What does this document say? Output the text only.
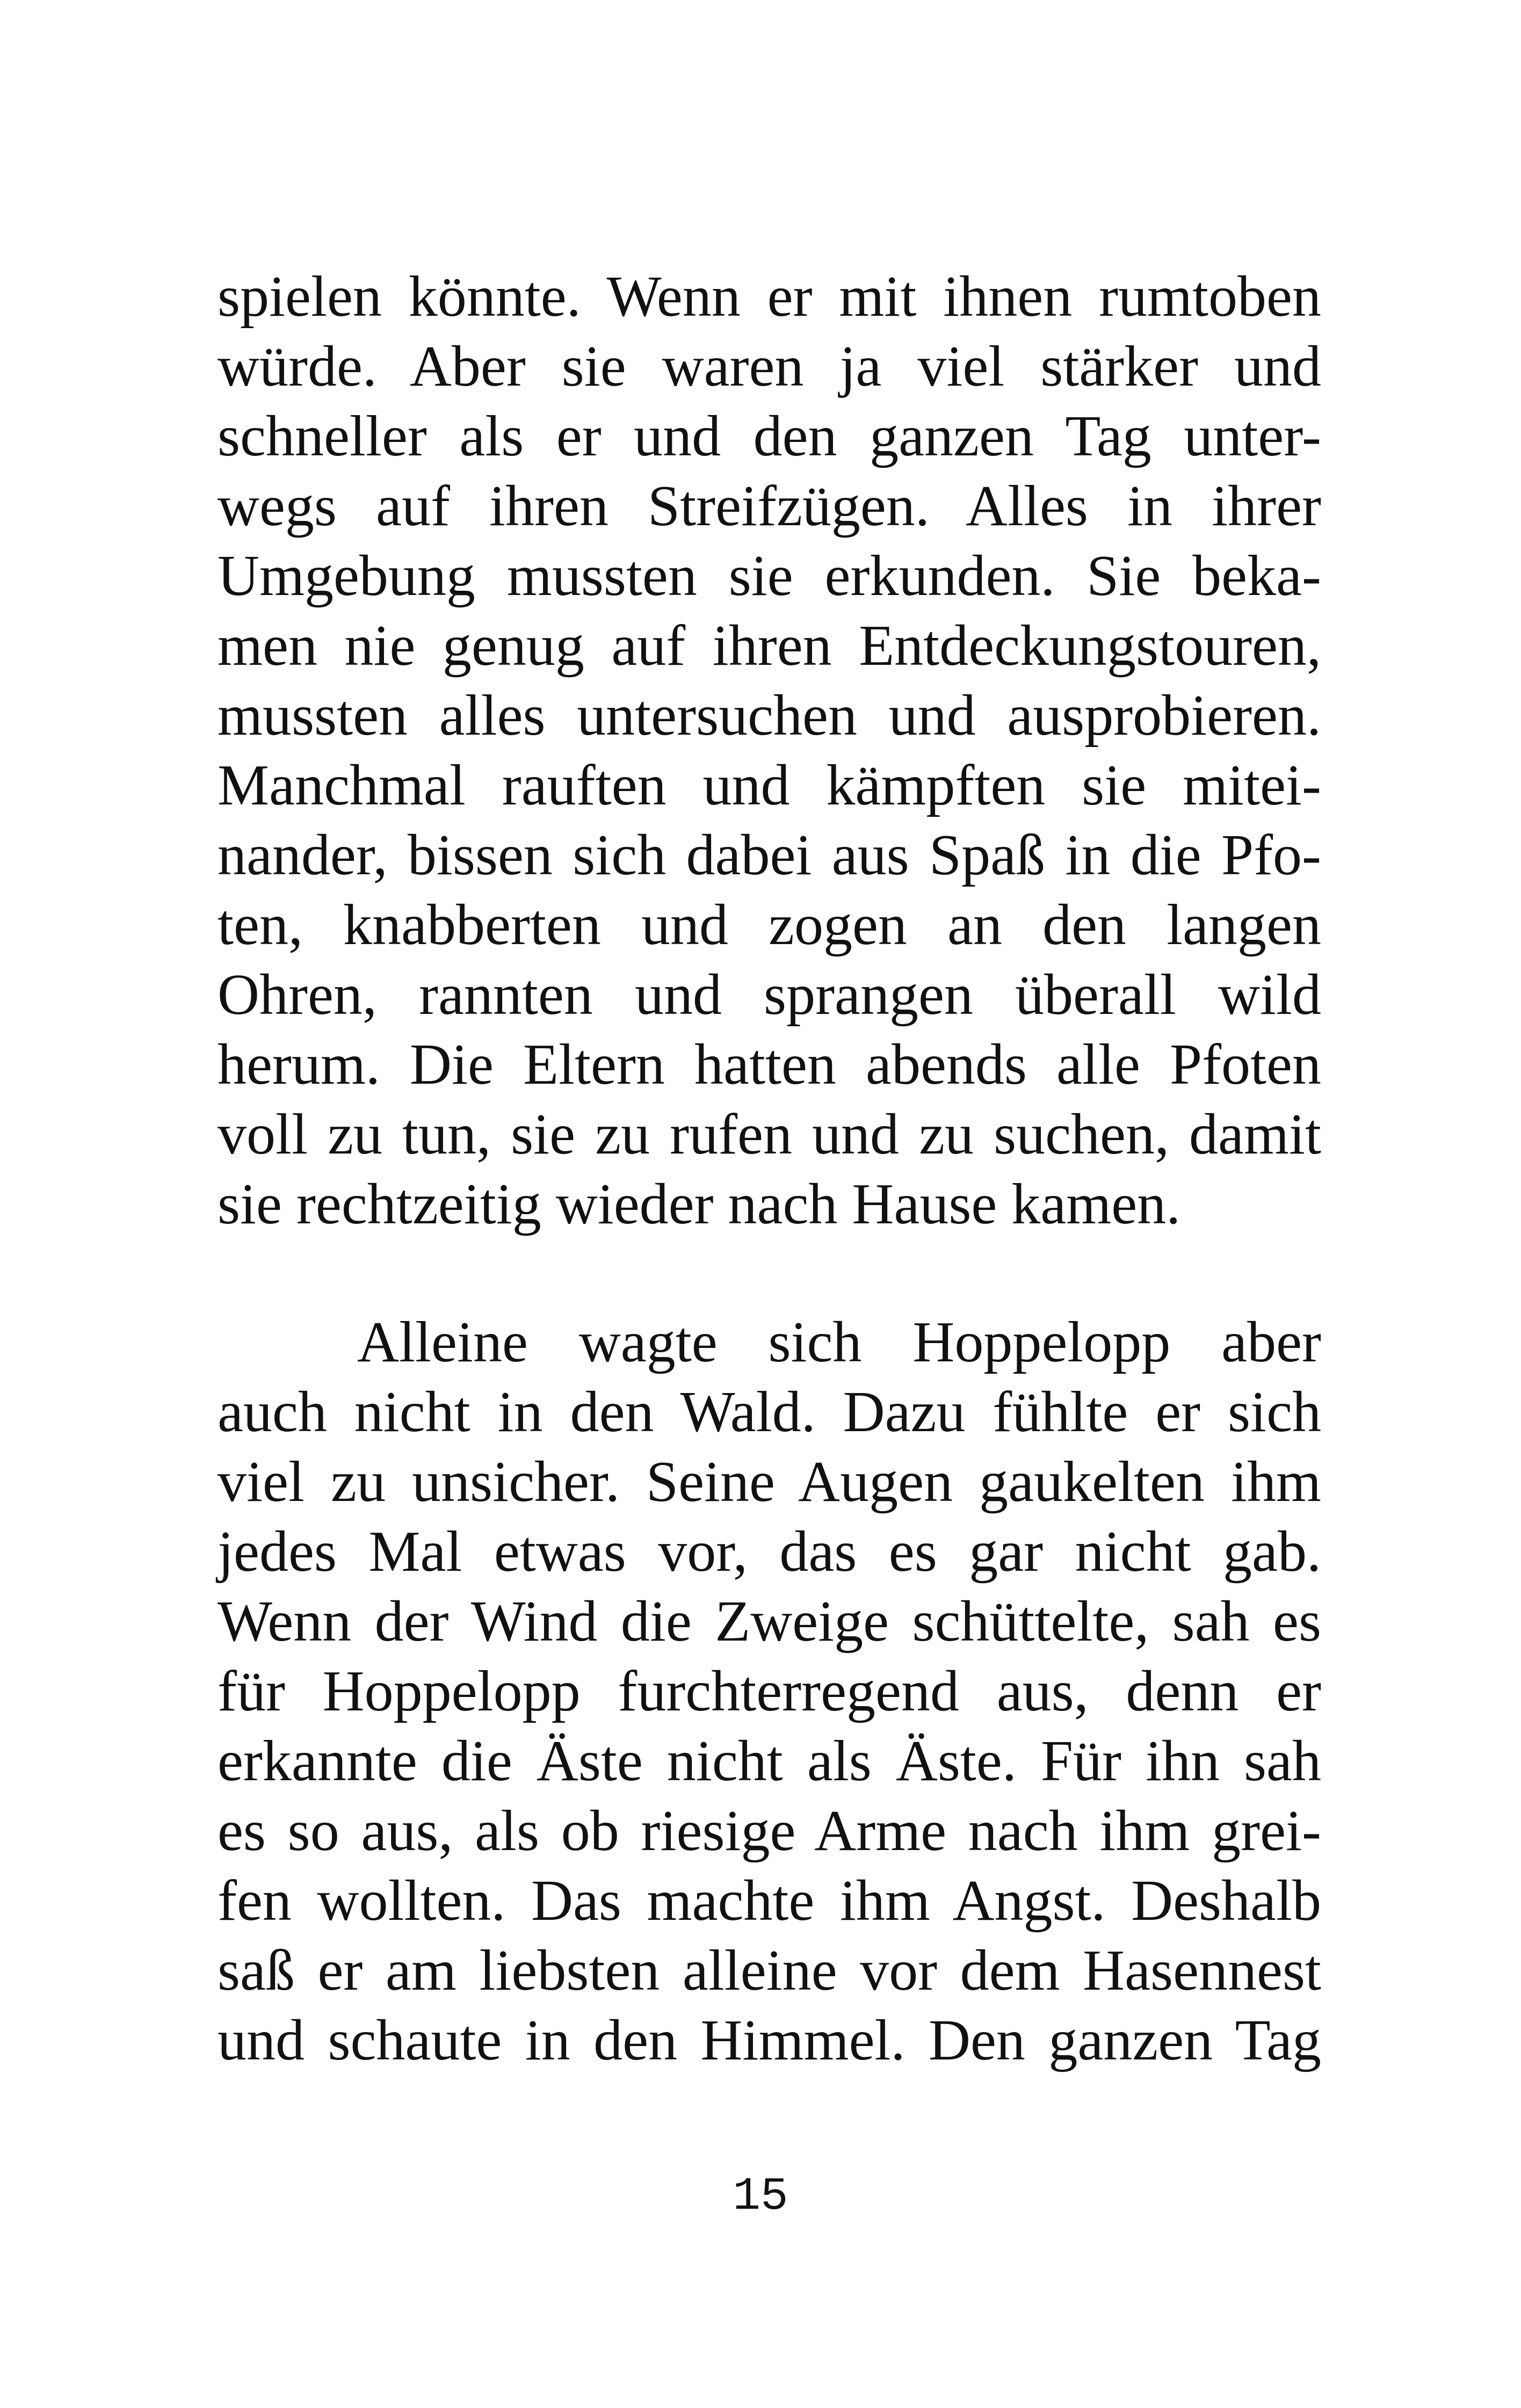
spielen könnte. Wenn er mit ihnen rumtoben
würde. Aber sie waren ja viel stärker und
schneller als er und den ganzen Tag unter-
wegs auf ihren Streifzügen. Alles in ihrer
Umgebung mussten sie erkunden. Sie beka-
men nie genug auf ihren Entdeckungstouren,
mussten alles untersuchen und ausprobieren.
Manchmal rauften und kämpften sie mitei-
nander, bissen sich dabei aus Spaß in die Pfo-
ten, knabberten und zogen an den langen
Ohren, rannten und sprangen überall wild
herum. Die Eltern hatten abends alle Pfoten
voll zu tun, sie zu rufen und zu suchen, damit
sie rechtzeitig wieder nach Hause kamen.
Alleine wagte sich Hoppelopp aber
auch nicht in den Wald. Dazu fühlte er sich
viel zu unsicher. Seine Augen gaukelten ihm
jedes Mal etwas vor, das es gar nicht gab.
Wenn der Wind die Zweige schüttelte, sah es
für Hoppelopp furchterregend aus, denn er
erkannte die Äste nicht als Äste. Für ihn sah
es so aus, als ob riesige Arme nach ihm grei-
fen wollten. Das machte ihm Angst. Deshalb
saß er am liebsten alleine vor dem Hasennest
und schaute in den Himmel. Den ganzen Tag
15
